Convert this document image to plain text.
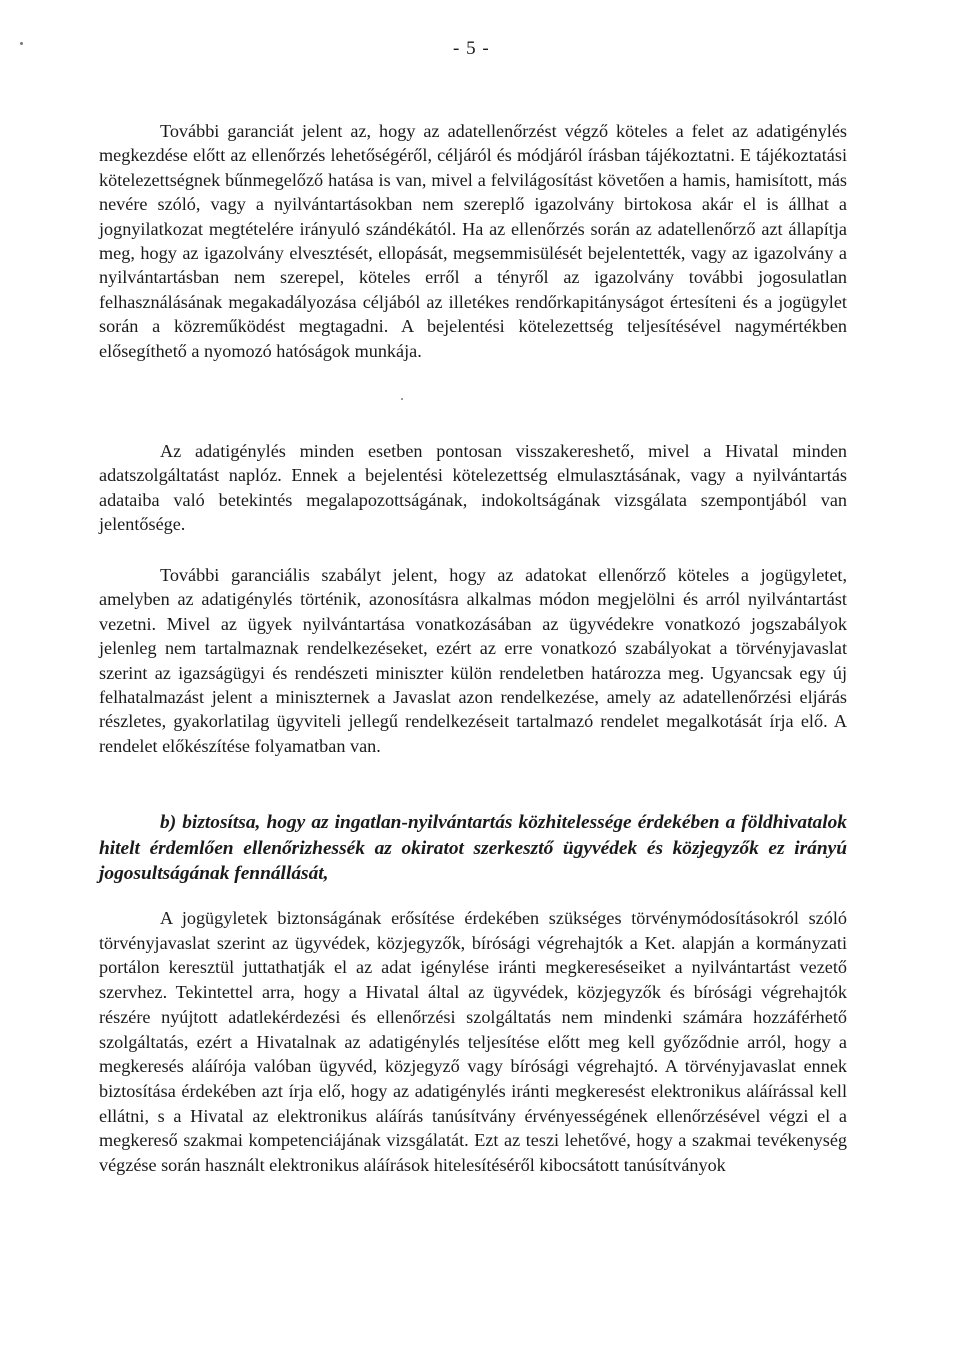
- 5 -

További garanciát jelent az, hogy az adatellenőrzést végző köteles a felet az adatigénylés megkezdése előtt az ellenőrzés lehetőségéről, céljáról és módjáról írásban tájékoztatni. E tájékoztatási kötelezettségnek bűnmegelőző hatása is van, mivel a felvilágosítást követően a hamis, hamisított, más nevére szóló, vagy a nyilvántartásokban nem szereplő igazolvány birtokosa akár el is állhat a jognyilatkozat megtételére irányuló szándékától. Ha az ellenőrzés során az adatellenőrző azt állapítja meg, hogy az igazolvány elvesztését, ellopását, megsemmisülését bejelentették, vagy az igazolvány a nyilvántartásban nem szerepel, köteles erről a tényről az igazolvány további jogosulatlan felhasználásának megakadályozása céljából az illetékes rendőrkapitányságot értesíteni és a jogügylet során a közreműködést megtagadni. A bejelentési kötelezettség teljesítésével nagymértékben elősegíthető a nyomozó hatóságok munkája.

Az adatigénylés minden esetben pontosan visszakereshető, mivel a Hivatal minden adatszolgáltatást naplóz. Ennek a bejelentési kötelezettség elmulasztásának, vagy a nyilvántartás adataiba való betekintés megalapozottságának, indokoltságának vizsgálata szempontjából van jelentősége.

További garanciális szabályt jelent, hogy az adatokat ellenőrző köteles a jogügyletet, amelyben az adatigénylés történik, azonosításra alkalmas módon megjelölni és arról nyilvántartást vezetni. Mivel az ügyek nyilvántartása vonatkozásában az ügyvédekre vonatkozó jogszabályok jelenleg nem tartalmaznak rendelkezéseket, ezért az erre vonatkozó szabályokat a törvényjavaslat szerint az igazságügyi és rendészeti miniszter külön rendeletben határozza meg. Ugyancsak egy új felhatalmazást jelent a miniszternek a Javaslat azon rendelkezése, amely az adatellenőrzési eljárás részletes, gyakorlatilag ügyviteli jellegű rendelkezéseit tartalmazó rendelet megalkotását írja elő. A rendelet előkészítése folyamatban van.

b) biztosítsa, hogy az ingatlan-nyilvántartás közhitelessége érdekében a földhivatalok hitelt érdemlően ellenőrizhessék az okiratot szerkesztő ügyvédek és közjegyzők ez irányú jogosultságának fennállását,

A jogügyletek biztonságának erősítése érdekében szükséges törvénymódosításokról szóló törvényjavaslat szerint az ügyvédek, közjegyzők, bírósági végrehajtók a Ket. alapján a kormányzati portálon keresztül juttathatják el az adat igénylése iránti megkereséseiket a nyilvántartást vezető szervhez. Tekintettel arra, hogy a Hivatal által az ügyvédek, közjegyzők és bírósági végrehajtók részére nyújtott adatlekérdezési és ellenőrzési szolgáltatás nem mindenki számára hozzáférhető szolgáltatás, ezért a Hivatalnak az adatigénylés teljesítése előtt meg kell győződnie arról, hogy a megkeresés aláírója valóban ügyvéd, közjegyző vagy bírósági végrehajtó. A törvényjavaslat ennek biztosítása érdekében azt írja elő, hogy az adatigénylés iránti megkeresést elektronikus aláírással kell ellátni, s a Hivatal az elektronikus aláírás tanúsítvány érvényességének ellenőrzésével végzi el a megkereső szakmai kompetenciájának vizsgálatát. Ezt az teszi lehetővé, hogy a szakmai tevékenység végzése során használt elektronikus aláírások hitelesítéséről kibocsátott tanúsítványok
